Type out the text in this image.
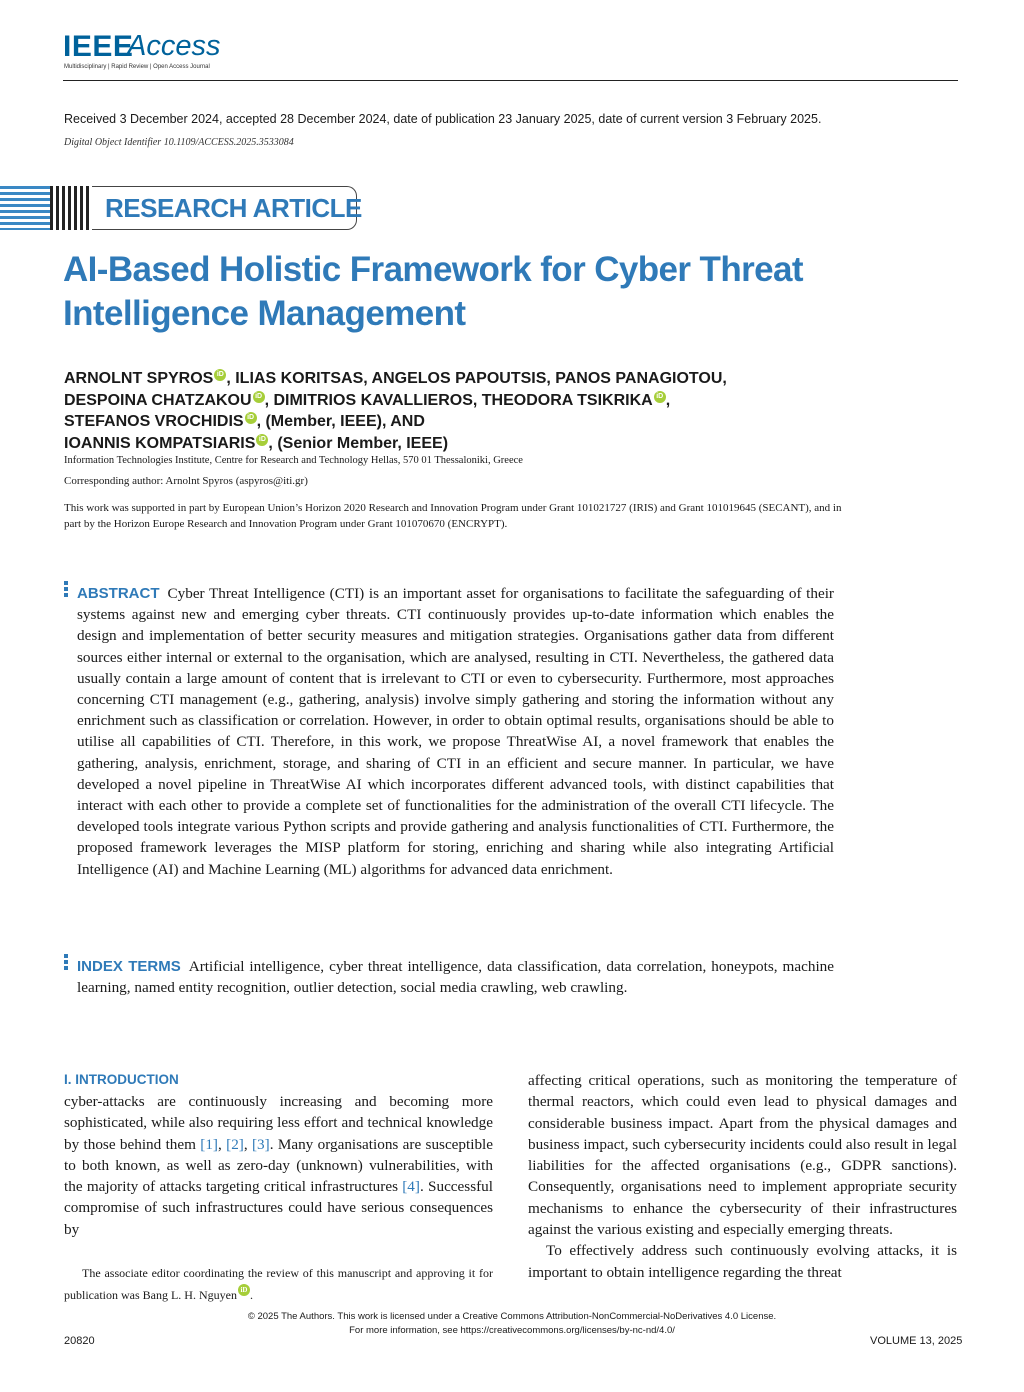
IEEE
Access
Multidisciplinary | Rapid Review | Open Access Journal
Received 3 December 2024, accepted 28 December 2024, date of publication 23 January 2025, date of current version 3 February 2025.
Digital Object Identifier 10.1109/ACCESS.2025.3533084
RESEARCH ARTICLE
AI-Based Holistic Framework for Cyber Threat Intelligence Management
ARNOLNT SPYROS iD , ILIAS KORITSAS, ANGELOS PAPOUTSIS, PANOS PANAGIOTOU,
DESPOINA CHATZAKOU iD , DIMITRIOS KAVALLIEROS, THEODORA TSIKRIKA iD ,
STEFANOS VROCHIDIS iD , (Member, IEEE), AND
IOANNIS KOMPATSIARIS iD , (Senior Member, IEEE)
Information Technologies Institute, Centre for Research and Technology Hellas, 570 01 Thessaloniki, Greece
Corresponding author: Arnolnt Spyros (aspyros@iti.gr)
This work was supported in part by European Union’s Horizon 2020 Research and Innovation Program under Grant 101021727 (IRIS) and Grant 101019645 (SECANT), and in part by the Horizon Europe Research and Innovation Program under Grant 101070670 (ENCRYPT).
ABSTRACT Cyber Threat Intelligence (CTI) is an important asset for organisations to facilitate the safeguarding of their systems against new and emerging cyber threats. CTI continuously provides up-to-date information which enables the design and implementation of better security measures and mitigation strategies. Organisations gather data from different sources either internal or external to the organisation, which are analysed, resulting in CTI. Nevertheless, the gathered data usually contain a large amount of content that is irrelevant to CTI or even to cybersecurity. Furthermore, most approaches concerning CTI management (e.g., gathering, analysis) involve simply gathering and storing the information without any enrichment such as classification or correlation. However, in order to obtain optimal results, organisations should be able to utilise all capabilities of CTI. Therefore, in this work, we propose ThreatWise AI, a novel framework that enables the gathering, analysis, enrichment, storage, and sharing of CTI in an efficient and secure manner. In particular, we have developed a novel pipeline in ThreatWise AI which incorporates different advanced tools, with distinct capabilities that interact with each other to provide a complete set of functionalities for the administration of the overall CTI lifecycle. The developed tools integrate various Python scripts and provide gathering and analysis functionalities of CTI. Furthermore, the proposed framework leverages the MISP platform for storing, enriching and sharing while also integrating Artificial Intelligence (AI) and Machine Learning (ML) algorithms for advanced data enrichment.
INDEX TERMS Artificial intelligence, cyber threat intelligence, data classification, data correlation, honeypots, machine learning, named entity recognition, outlier detection, social media crawling, web crawling.
I. INTRODUCTION
cyber-attacks are continuously increasing and becoming more sophisticated, while also requiring less effort and technical knowledge by those behind them [1], [2], [3]. Many organisations are susceptible to both known, as well as zero-day (unknown) vulnerabilities, with the majority of attacks targeting critical infrastructures [4]. Successful compromise of such infrastructures could have serious consequences by
affecting critical operations, such as monitoring the temperature of thermal reactors, which could even lead to physical damages and considerable business impact. Apart from the physical damages and business impact, such cybersecurity incidents could also result in legal liabilities for the affected organisations (e.g., GDPR sanctions). Consequently, organisations need to implement appropriate security mechanisms to enhance the cybersecurity of their infrastructures against the various existing and especially emerging threats.
To effectively address such continuously evolving attacks, it is important to obtain intelligence regarding the threat
The associate editor coordinating the review of this manuscript and approving it for publication was Bang L. H. Nguyen iD .
© 2025 The Authors. This work is licensed under a Creative Commons Attribution-NonCommercial-NoDerivatives 4.0 License.
For more information, see https://creativecommons.org/licenses/by-nc-nd/4.0/
20820	VOLUME 13, 2025
